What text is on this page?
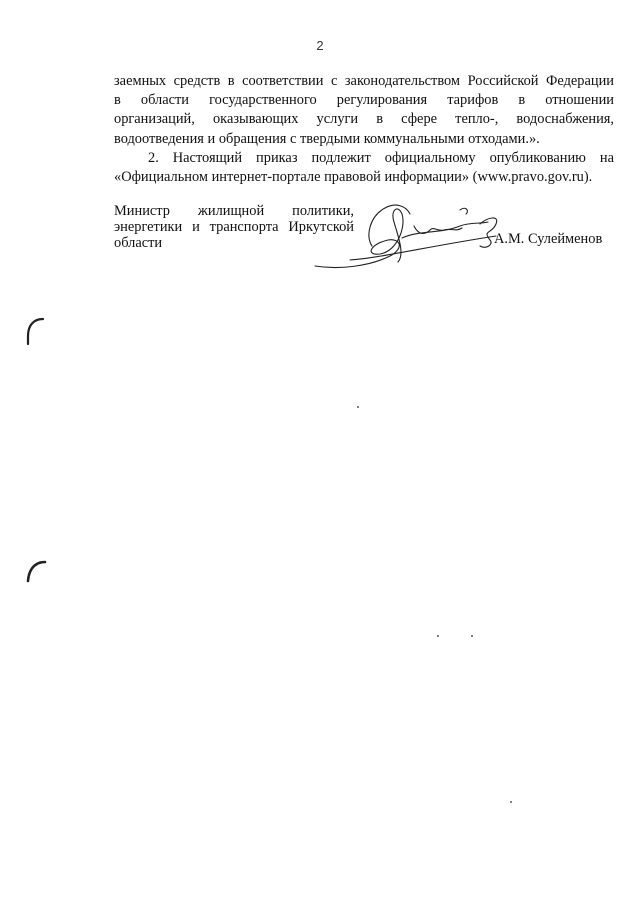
2
заемных средств в соответствии с законодательством Российской Федерации
в области государственного регулирования тарифов в отношении
организаций, оказывающих услуги в сфере тепло-, водоснабжения,
водоотведения и обращения с твердыми коммунальными отходами.».
2. Настоящий приказ подлежит официальному опубликованию на
«Официальном интернет-портале правовой информации» (www.pravo.gov.ru).
Министр жилищной политики,
энергетики и транспорта Иркутской
области	А.М. Сулейменов
